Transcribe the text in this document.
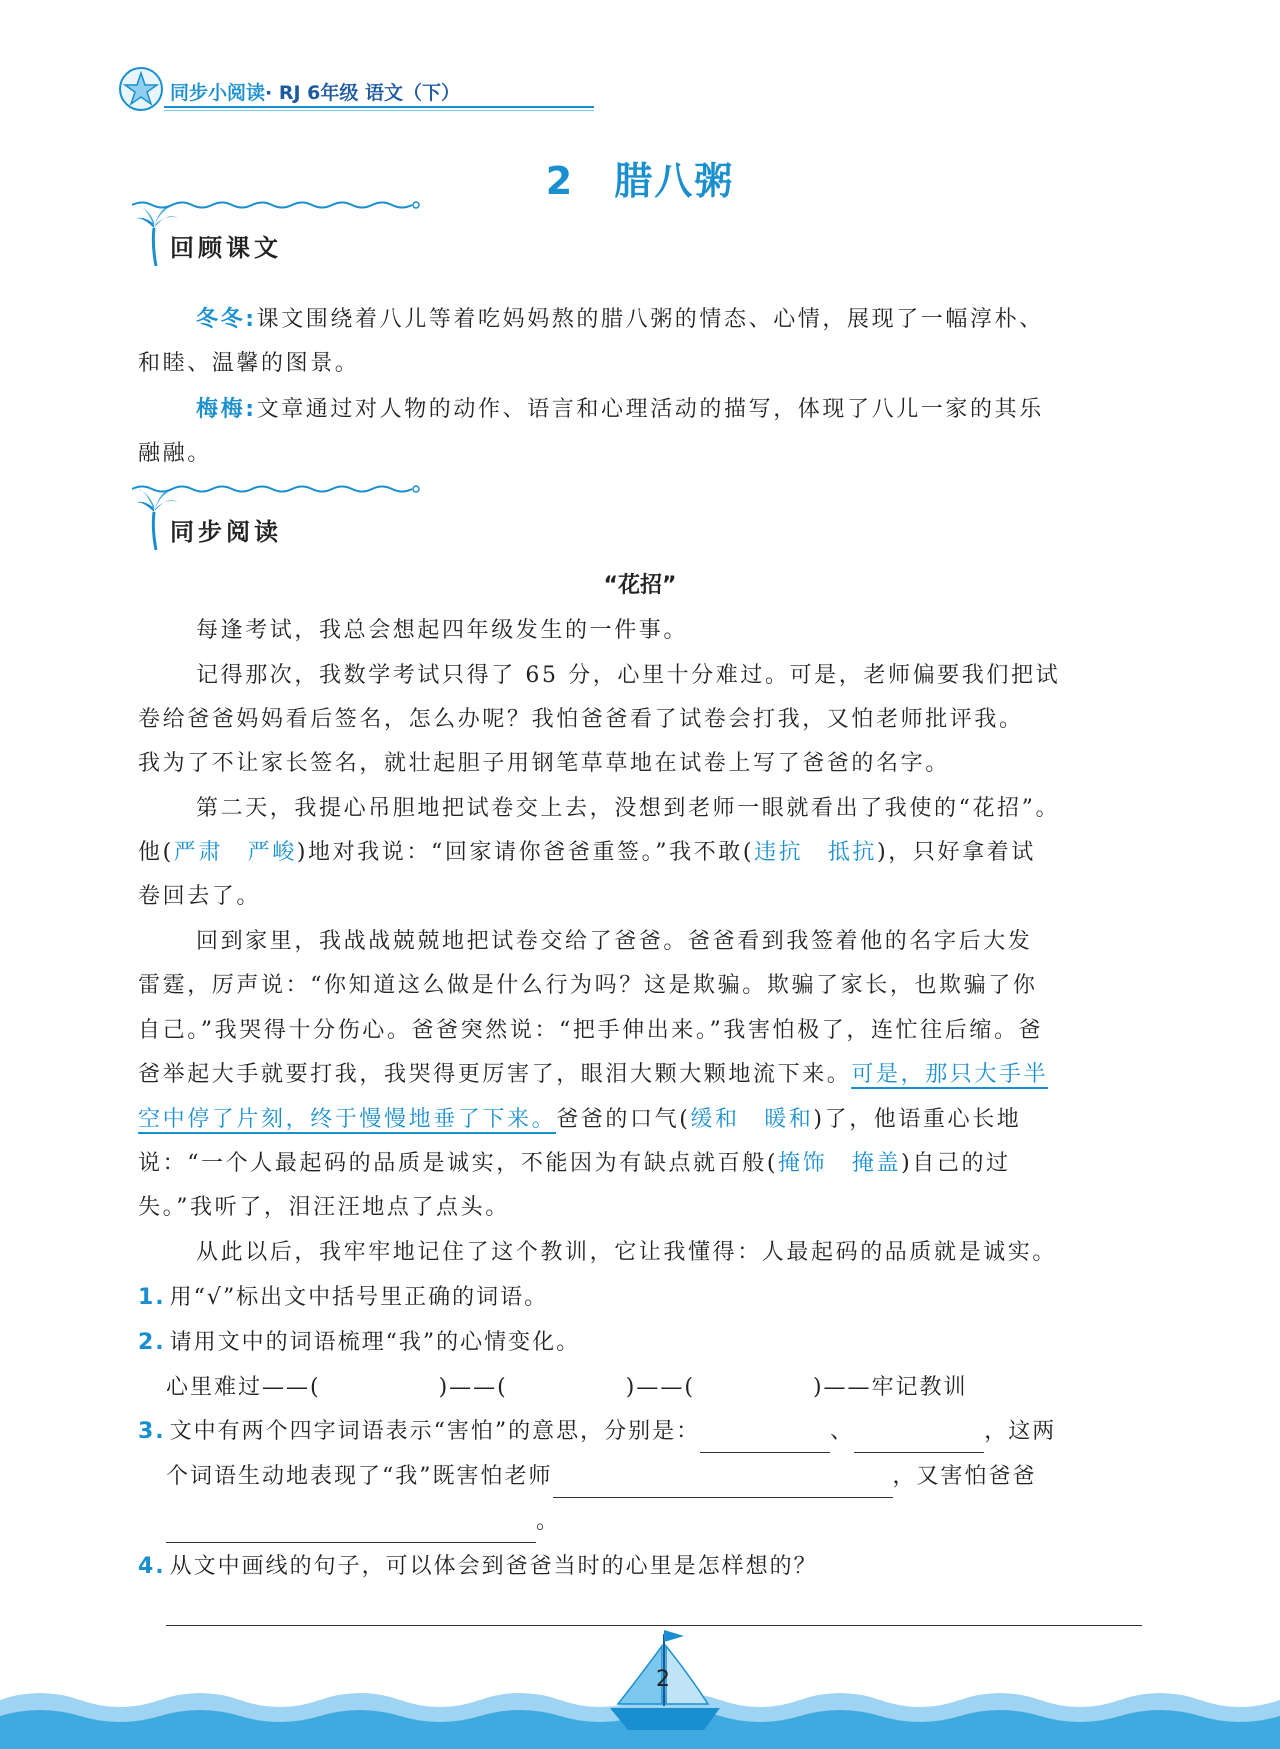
同步小阅读· RJ 6年级 语文（下）
2 腊八粥
回顾课文
冬冬:课文围绕着八儿等着吃妈妈熬的腊八粥的情态、心情，展现了一幅淳朴、
和睦、温馨的图景。
梅梅:文章通过对人物的动作、语言和心理活动的描写，体现了八儿一家的其乐
融融。
同步阅读
“花招”
每逢考试，我总会想起四年级发生的一件事。
记得那次，我数学考试只得了 65 分，心里十分难过。可是，老师偏要我们把试
卷给爸爸妈妈看后签名，怎么办呢？我怕爸爸看了试卷会打我，又怕老师批评我。
我为了不让家长签名，就壮起胆子用钢笔草草地在试卷上写了爸爸的名字。
第二天，我提心吊胆地把试卷交上去，没想到老师一眼就看出了我使的“花招”。
他(严肃　严峻)地对我说：“回家请你爸爸重签。”我不敢(违抗　抵抗)，只好拿着试
卷回去了。
回到家里，我战战兢兢地把试卷交给了爸爸。爸爸看到我签着他的名字后大发
雷霆，厉声说：“你知道这么做是什么行为吗？这是欺骗。欺骗了家长，也欺骗了你
自己。”我哭得十分伤心。爸爸突然说：“把手伸出来。”我害怕极了，连忙往后缩。爸
爸举起大手就要打我，我哭得更厉害了，眼泪大颗大颗地流下来。可是，那只大手半
空中停了片刻，终于慢慢地垂了下来。爸爸的口气(缓和　暖和)了，他语重心长地
说：“一个人最起码的品质是诚实，不能因为有缺点就百般(掩饰　掩盖)自己的过
失。”我听了，泪汪汪地点了点头。
从此以后，我牢牢地记住了这个教训，它让我懂得：人最起码的品质就是诚实。
1. 用“√”标出文中括号里正确的词语。
2. 请用文中的词语梳理“我”的心情变化。
心里难过——(	)——(	)——(	)——牢记教训
3. 文中有两个四字词语表示“害怕”的意思，分别是：	、	，这两
个词语生动地表现了“我”既害怕老师	，又害怕爸爸
。
4. 从文中画线的句子，可以体会到爸爸当时的心里是怎样想的？
2
